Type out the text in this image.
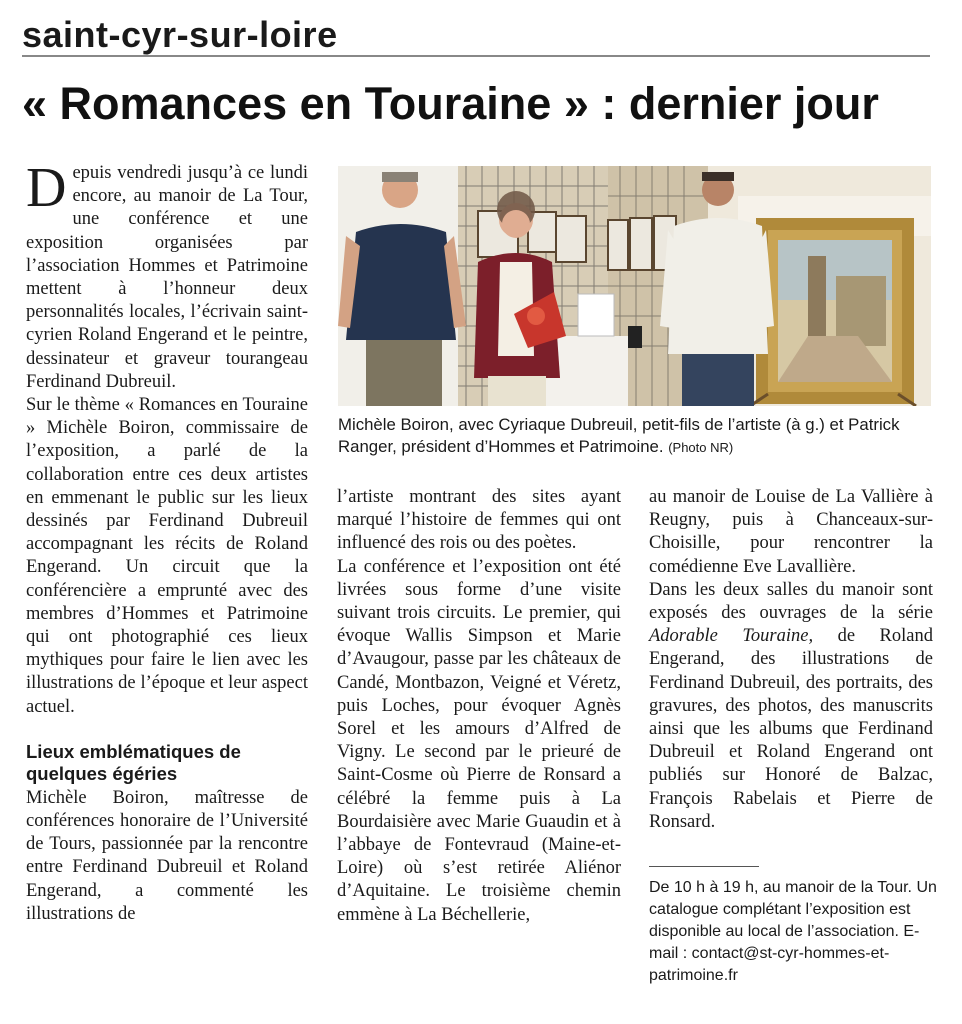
saint-cyr-sur-loire
« Romances en Touraine » : dernier jour

Depuis vendredi jusqu’à ce lundi encore, au manoir de La Tour, une conférence et une exposition organisées par l’association Hommes et Patrimoine mettent à l’honneur deux personnalités locales, l’écrivain saint-cyrien Roland Engerand et le peintre, dessinateur et graveur tourangeau Ferdinand Dubreuil.

Sur le thème « Romances en Touraine » Michèle Boiron, commissaire de l’exposition, a parlé de la collaboration entre ces deux artistes en emmenant le public sur les lieux dessinés par Ferdinand Dubreuil accompagnant les récits de Roland Engerand. Un circuit que la conférencière a emprunté avec des membres d’Hommes et Patrimoine qui ont photographié ces lieux mythiques pour faire le lien avec les illustrations de l’époque et leur aspect actuel.

Lieux emblématiques de quelques égéries

Michèle Boiron, maîtresse de conférences honoraire de l’Université de Tours, passionnée par la rencontre entre Ferdinand Dubreuil et Roland Engerand, a commenté les illustrations de

Michèle Boiron, avec Cyriaque Dubreuil, petit-fils de l’artiste (à g.) et Patrick Ranger, président d’Hommes et Patrimoine. (Photo NR)

l’artiste montrant des sites ayant marqué l’histoire de femmes qui ont influencé des rois ou des poètes.

La conférence et l’exposition ont été livrées sous forme d’une visite suivant trois circuits. Le premier, qui évoque Wallis Simpson et Marie d’Avaugour, passe par les châteaux de Candé, Montbazon, Veigné et Véretz, puis Loches, pour évoquer Agnès Sorel et les amours d’Alfred de Vigny. Le second par le prieuré de Saint-Cosme où Pierre de Ronsard a célébré la femme puis à La Bourdaisière avec Marie Guaudin et à l’abbaye de Fontevraud (Maine-et-Loire) où s’est retirée Aliénor d’Aquitaine. Le troisième chemin emmène à La Béchellerie,

au manoir de Louise de La Vallière à Reugny, puis à Chanceaux-sur-Choisille, pour rencontrer la comédienne Eve Lavallière.

Dans les deux salles du manoir sont exposés des ouvrages de la série Adorable Touraine, de Roland Engerand, des illustrations de Ferdinand Dubreuil, des portraits, des gravures, des photos, des manuscrits ainsi que les albums que Ferdinand Dubreuil et Roland Engerand ont publiés sur Honoré de Balzac, François Rabelais et Pierre de Ronsard.

De 10 h à 19 h, au manoir de la Tour. Un catalogue complétant l’exposition est disponible au local de l’association. E-mail : contact@st-cyr-hommes-et-patrimoine.fr
